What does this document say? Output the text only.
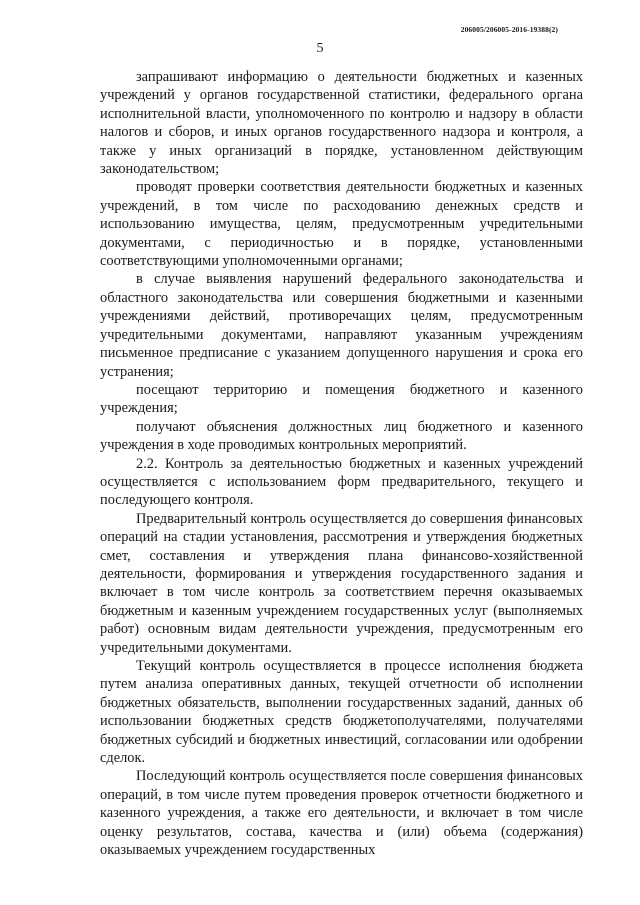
206005/206005-2016-19388(2)
5

запрашивают информацию о деятельности бюджетных и казенных учреждений у органов государственной статистики, федерального органа исполнительной власти, уполномоченного по контролю и надзору в области налогов и сборов, и иных органов государственного надзора и контроля, а также у иных организаций в порядке, установленном действующим законодательством;

проводят проверки соответствия деятельности бюджетных и казенных учреждений, в том числе по расходованию денежных средств и использованию имущества, целям, предусмотренным учредительными документами, с периодичностью и в порядке, установленными соответствующими уполномоченными органами;

в случае выявления нарушений федерального законодательства и областного законодательства или совершения бюджетными и казенными учреждениями действий, противоречащих целям, предусмотренным учредительными документами, направляют указанным учреждениям письменное предписание с указанием допущенного нарушения и срока его устранения;

посещают территорию и помещения бюджетного и казенного учреждения;

получают объяснения должностных лиц бюджетного и казенного учреждения в ходе проводимых контрольных мероприятий.

2.2. Контроль за деятельностью бюджетных и казенных учреждений осуществляется с использованием форм предварительного, текущего и последующего контроля.

Предварительный контроль осуществляется до совершения финансовых операций на стадии установления, рассмотрения и утверждения бюджетных смет, составления и утверждения плана финансово-хозяйственной деятельности, формирования и утверждения государственного задания и включает в том числе контроль за соответствием перечня оказываемых бюджетным и казенным учреждением государственных услуг (выполняемых работ) основным видам деятельности учреждения, предусмотренным его учредительными документами.

Текущий контроль осуществляется в процессе исполнения бюджета путем анализа оперативных данных, текущей отчетности об исполнении бюджетных обязательств, выполнении государственных заданий, данных об использовании бюджетных средств бюджетополучателями, получателями бюджетных субсидий и бюджетных инвестиций, согласовании или одобрении сделок.

Последующий контроль осуществляется после совершения финансовых операций, в том числе путем проведения проверок отчетности бюджетного и казенного учреждения, а также его деятельности, и включает в том числе оценку результатов, состава, качества и (или) объема (содержания) оказываемых учреждением государственных
